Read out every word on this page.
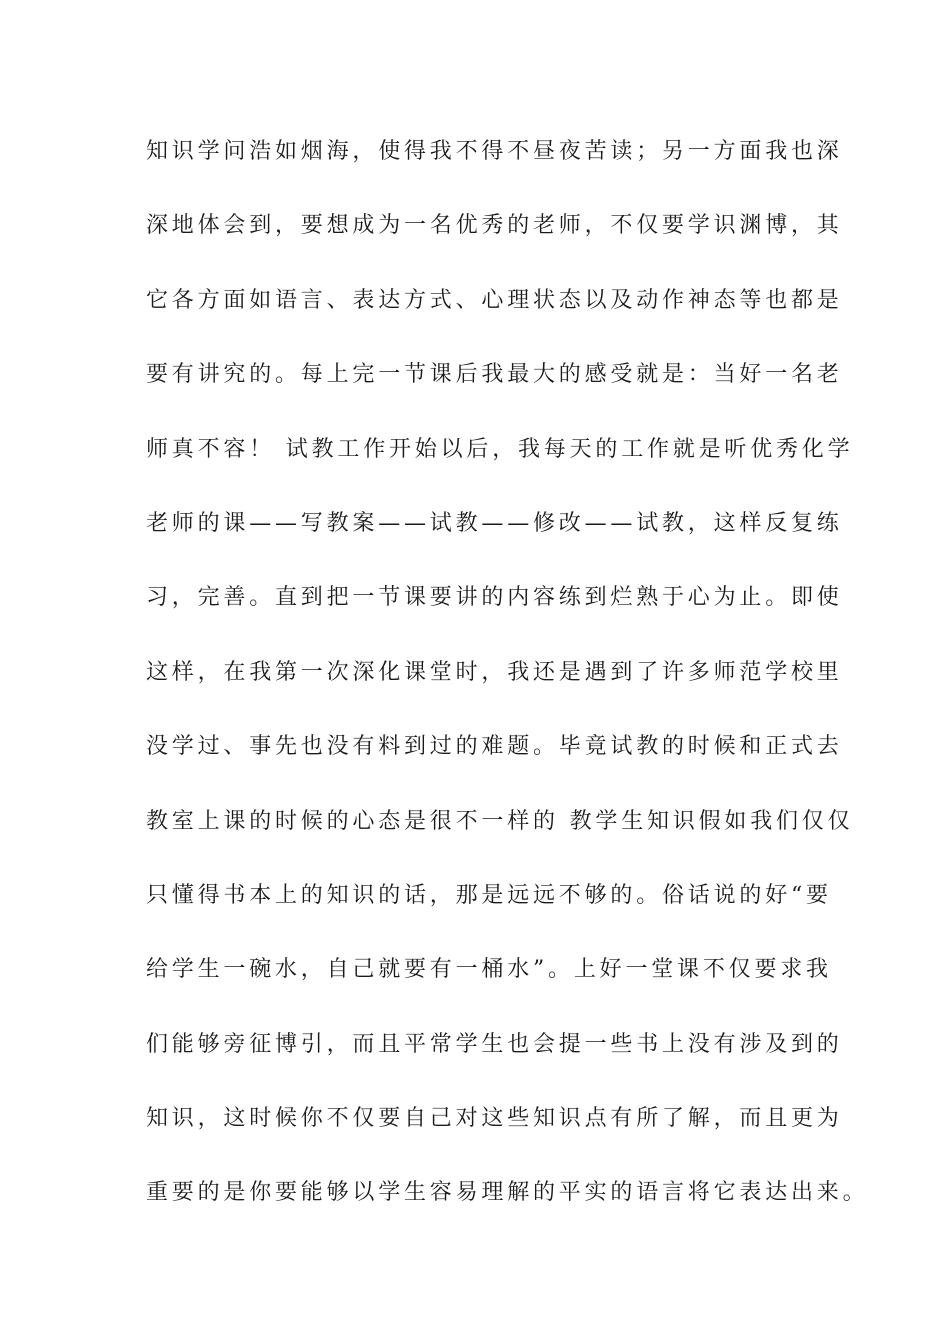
知识学问浩如烟海，使得我不得不昼夜苦读；另一方面我也深
深地体会到，要想成为一名优秀的老师，不仅要学识渊博，其
它各方面如语言、表达方式、心理状态以及动作神态等也都是
要有讲究的。每上完一节课后我最大的感受就是：当好一名老
师真不容！ 试教工作开始以后，我每天的工作就是听优秀化学
老师的课——写教案——试教——修改——试教，这样反复练
习，完善。直到把一节课要讲的内容练到烂熟于心为止。即使
这样，在我第一次深化课堂时，我还是遇到了许多师范学校里
没学过、事先也没有料到过的难题。毕竟试教的时候和正式去
教室上课的时候的心态是很不一样的 教学生知识假如我们仅仅
只懂得书本上的知识的话，那是远远不够的。俗话说的好“要
给学生一碗水，自己就要有一桶水”。上好一堂课不仅要求我
们能够旁征博引，而且平常学生也会提一些书上没有涉及到的
知识，这时候你不仅要自己对这些知识点有所了解，而且更为
重要的是你要能够以学生容易理解的平实的语言将它表达出来。
